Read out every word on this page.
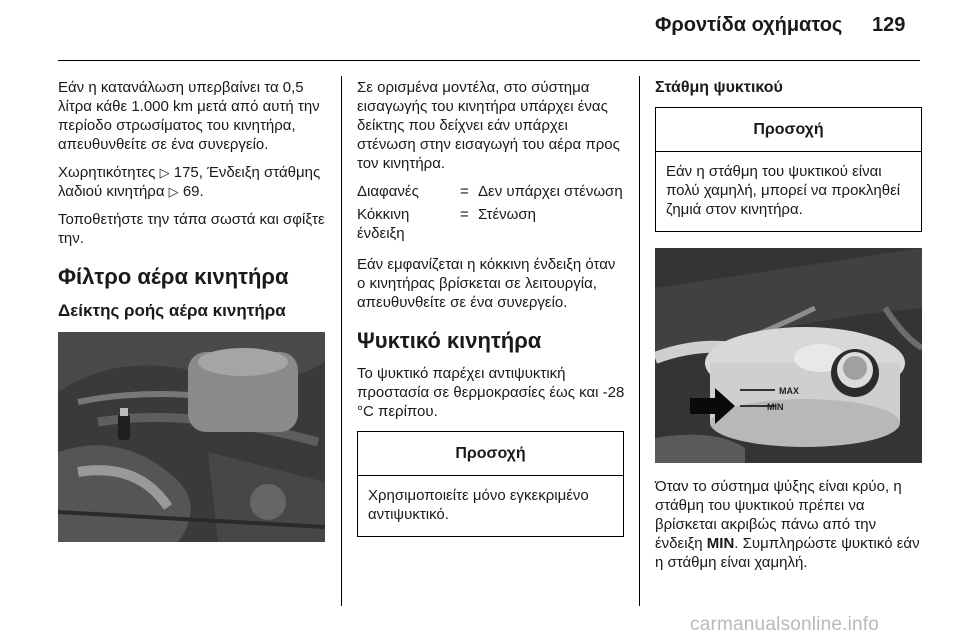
Φροντίδα οχήματος 129
Εάν η κατανάλωση υπερβαίνει τα 0,5 λίτρα κάθε 1.000 km μετά από αυτή την περίοδο στρωσίματος του κινητήρα, απευθυνθείτε σε ένα συνεργείο.
Χωρητικότητες ▷ 175, Ένδειξη στάθμης λαδιού κινητήρα ▷ 69.
Τοποθετήστε την τάπα σωστά και σφίξτε την.
Φίλτρο αέρα κινητήρα
Δείκτης ροής αέρα κινητήρα
Σε ορισμένα μοντέλα, στο σύστημα εισαγωγής του κινητήρα υπάρχει ένας δείκτης που δείχνει εάν υπάρχει στένωση στην εισαγωγή του αέρα προς τον κινητήρα.
Διαφανές	= Δεν υπάρχει στένωση
Κόκκινη ένδειξη
= Στένωση
Εάν εμφανίζεται η κόκκινη ένδειξη όταν ο κινητήρας βρίσκεται σε λειτουργία, απευθυνθείτε σε ένα συνεργείο.
Ψυκτικό κινητήρα
Το ψυκτικό παρέχει αντιψυκτική προστασία σε θερμοκρασίες έως και -28 °C περίπου.
Προσοχή
Χρησιμοποιείτε μόνο εγκεκριμένο αντιψυκτικό.
Στάθμη ψυκτικού
Προσοχή
Εάν η στάθμη του ψυκτικού είναι πολύ χαμηλή, μπορεί να προκληθεί ζημιά στον κινητήρα.
MAX
MIN
Όταν το σύστημα ψύξης είναι κρύο, η στάθμη του ψυκτικού πρέπει να βρίσκεται ακριβώς πάνω από την ένδειξη MIN. Συμπληρώστε ψυκτικό εάν η στάθμη είναι χαμηλή.
carmanualsonline.info
